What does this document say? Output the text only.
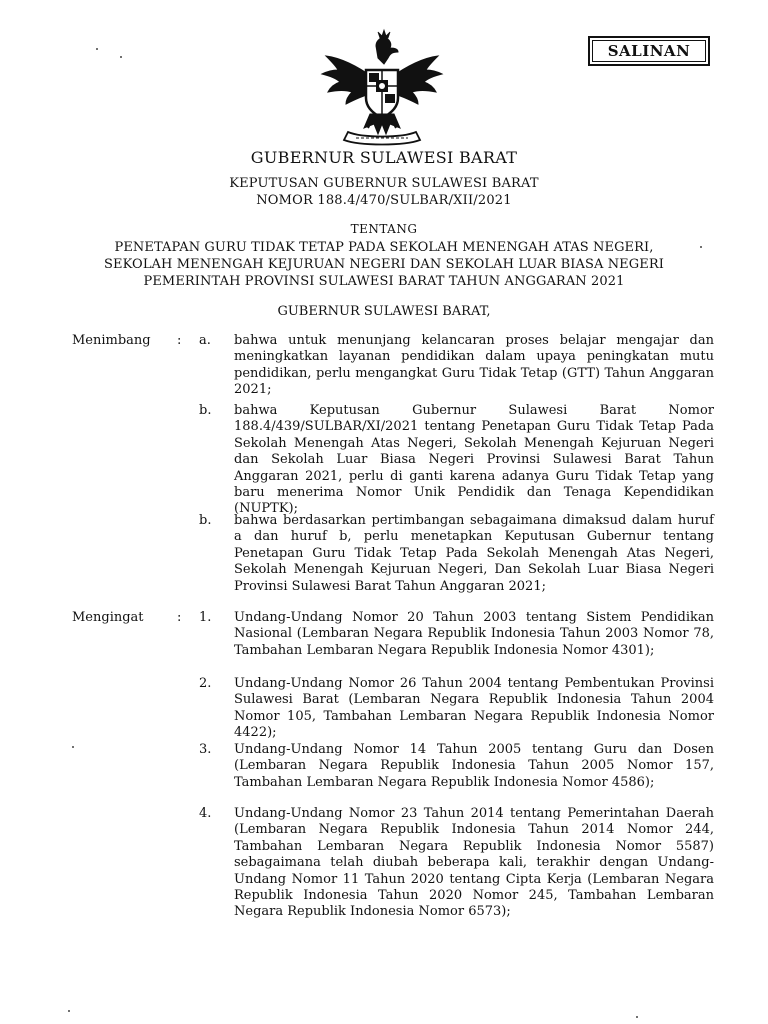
SALINAN
GUBERNUR SULAWESI BARAT
KEPUTUSAN GUBERNUR SULAWESI BARAT
NOMOR 188.4/470/SULBAR/XII/2021
TENTANG
PENETAPAN GURU TIDAK TETAP PADA SEKOLAH MENENGAH ATAS NEGERI,
SEKOLAH MENENGAH KEJURUAN NEGERI DAN SEKOLAH LUAR BIASA NEGERI
PEMERINTAH PROVINSI SULAWESI BARAT TAHUN ANGGARAN 2021
GUBERNUR SULAWESI BARAT,
Menimbang : a. bahwa untuk menunjang kelancaran proses belajar mengajar dan meningkatkan layanan pendidikan dalam upaya peningkatan mutu pendidikan, perlu mengangkat Guru Tidak Tetap (GTT) Tahun Anggaran 2021;
b. bahwa Keputusan Gubernur Sulawesi Barat Nomor 188.4/439/SULBAR/XI/2021 tentang Penetapan Guru Tidak Tetap Pada Sekolah Menengah Atas Negeri, Sekolah Menengah Kejuruan Negeri dan Sekolah Luar Biasa Negeri Provinsi Sulawesi Barat Tahun Anggaran 2021, perlu di ganti karena adanya Guru Tidak Tetap yang baru menerima Nomor Unik Pendidik dan Tenaga Kependidikan (NUPTK);
b. bahwa berdasarkan pertimbangan sebagaimana dimaksud dalam huruf a dan huruf b, perlu menetapkan Keputusan Gubernur tentang Penetapan Guru Tidak Tetap Pada Sekolah Menengah Atas Negeri, Sekolah Menengah Kejuruan Negeri, Dan Sekolah Luar Biasa Negeri Provinsi Sulawesi Barat Tahun Anggaran 2021;
Mengingat	: 1. Undang-Undang Nomor 20 Tahun 2003 tentang Sistem Pendidikan Nasional (Lembaran Negara Republik Indonesia Tahun 2003 Nomor 78, Tambahan Lembaran Negara Republik Indonesia Nomor 4301);
2. Undang-Undang Nomor 26 Tahun 2004 tentang Pembentukan Provinsi Sulawesi Barat (Lembaran Negara Republik Indonesia Tahun 2004 Nomor 105, Tambahan Lembaran Negara Republik Indonesia Nomor 4422);
3. Undang-Undang Nomor 14 Tahun 2005 tentang Guru dan Dosen (Lembaran Negara Republik Indonesia Tahun 2005 Nomor 157, Tambahan Lembaran Negara Republik Indonesia Nomor 4586);
4. Undang-Undang Nomor 23 Tahun 2014 tentang Pemerintahan Daerah (Lembaran Negara Republik Indonesia Tahun 2014 Nomor 244, Tambahan Lembaran Negara Republik Indonesia Nomor 5587) sebagaimana telah diubah beberapa kali, terakhir dengan Undang-Undang Nomor 11 Tahun 2020 tentang Cipta Kerja (Lembaran Negara Republik Indonesia Tahun 2020 Nomor 245, Tambahan Lembaran Negara Republik Indonesia Nomor 6573);
